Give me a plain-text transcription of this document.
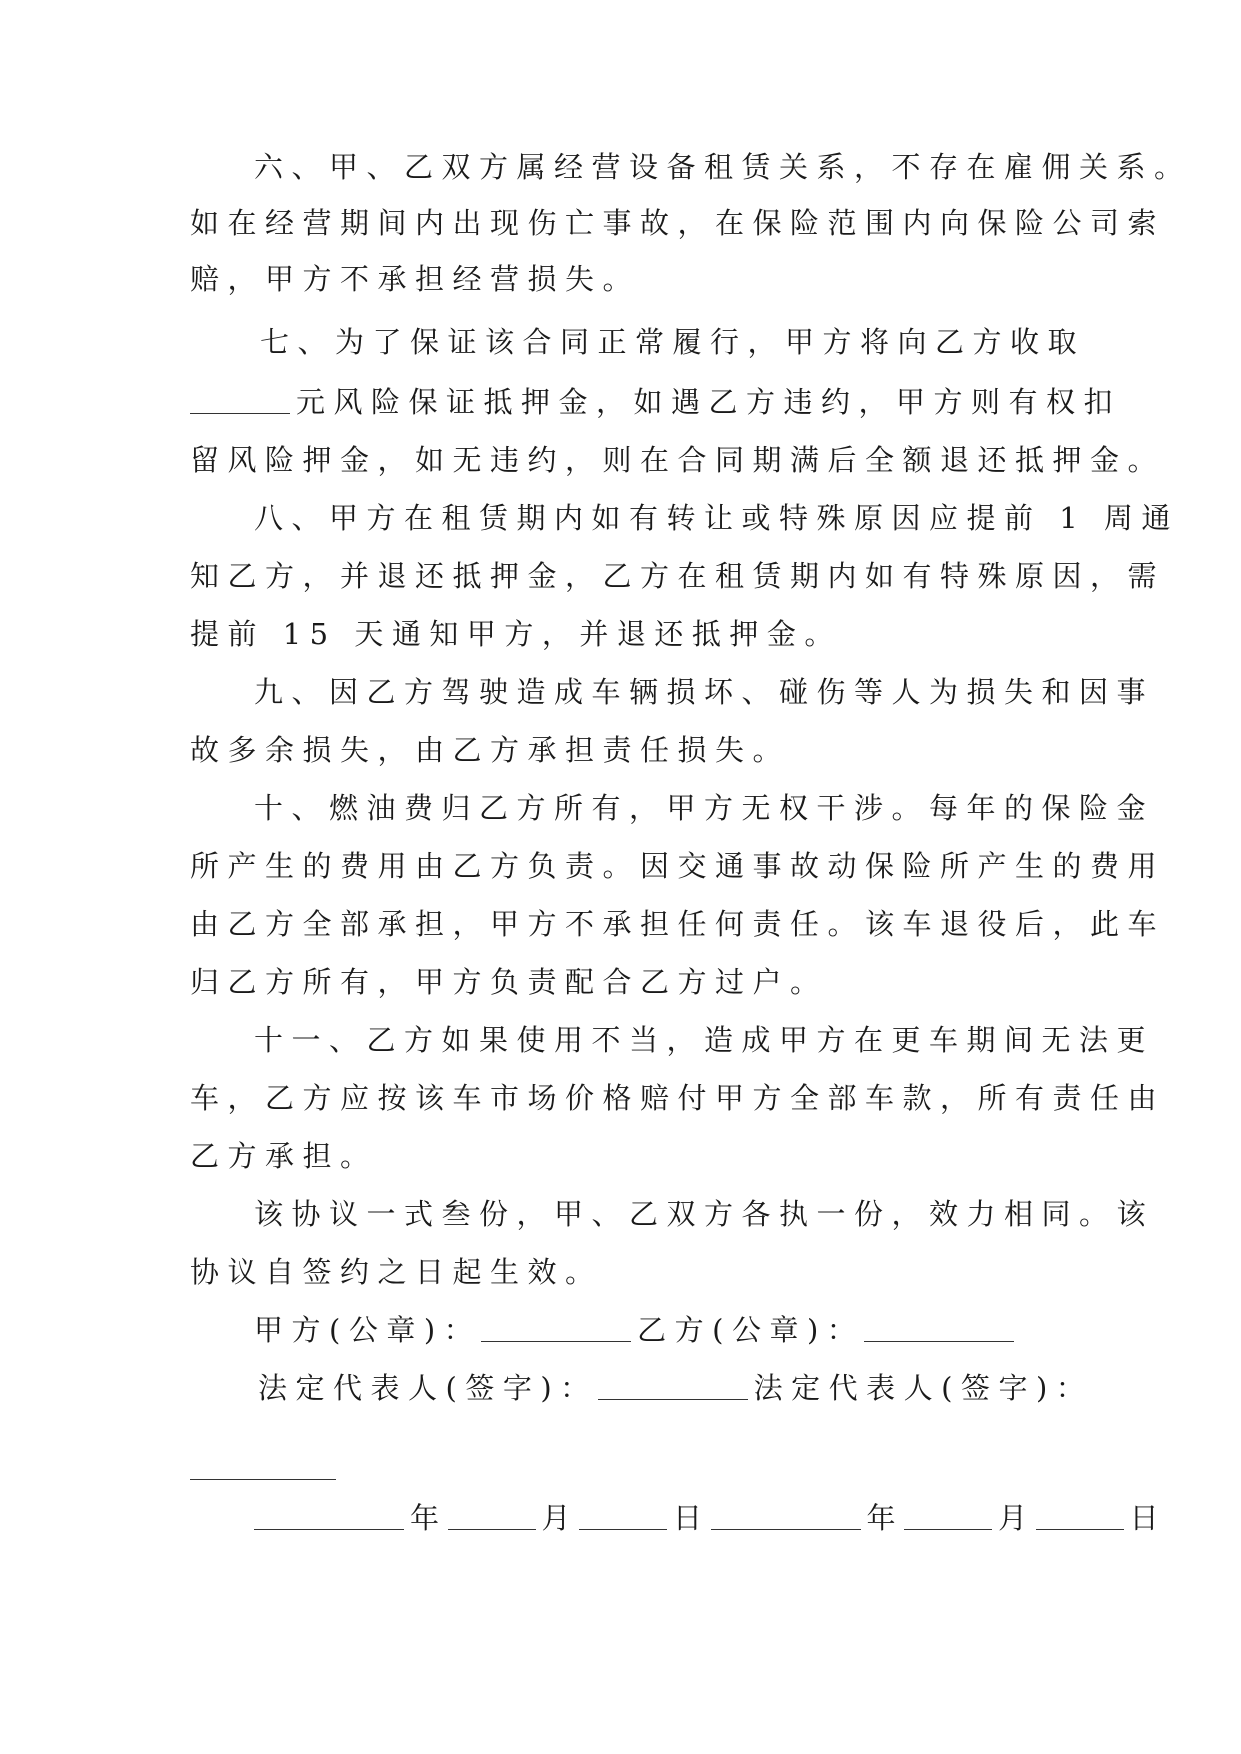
六、甲、乙双方属经营设备租赁关系，不存在雇佣关系。
如在经营期间内出现伤亡事故，在保险范围内向保险公司索
赔，甲方不承担经营损失。
七、为了保证该合同正常履行，甲方将向乙方收取
元风险保证抵押金，如遇乙方违约，甲方则有权扣
留风险押金，如无违约，则在合同期满后全额退还抵押金。
八、甲方在租赁期内如有转让或特殊原因应提前 1 周通
知乙方，并退还抵押金，乙方在租赁期内如有特殊原因，需
提前 15 天通知甲方，并退还抵押金。
九、因乙方驾驶造成车辆损坏、碰伤等人为损失和因事
故多余损失，由乙方承担责任损失。
十、燃油费归乙方所有，甲方无权干涉。每年的保险金
所产生的费用由乙方负责。因交通事故动保险所产生的费用
由乙方全部承担，甲方不承担任何责任。该车退役后，此车
归乙方所有，甲方负责配合乙方过户。
十一、乙方如果使用不当，造成甲方在更车期间无法更
车，乙方应按该车市场价格赔付甲方全部车款，所有责任由
乙方承担。
该协议一式叁份，甲、乙双方各执一份，效力相同。该
协议自签约之日起生效。
甲方(公章)：	乙方(公章)：
法定代表人(签字)：	法定代表人(签字)：
年	月	日	年	月	日
